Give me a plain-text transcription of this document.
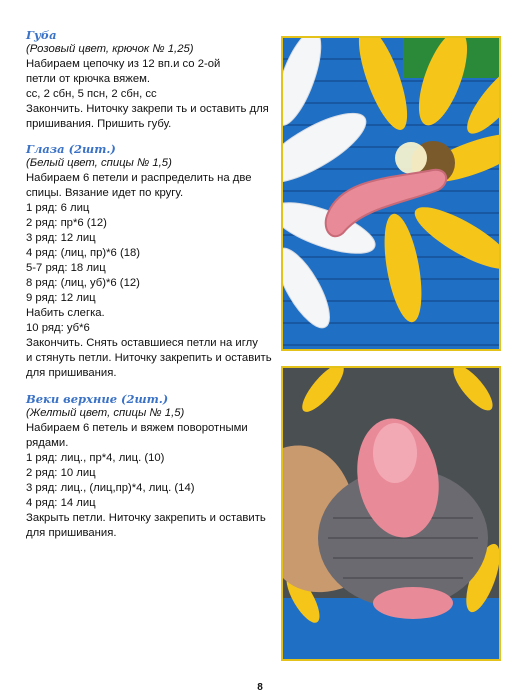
Губа

(Розовый цвет, крючок № 1,25)

Набираем цепочку из 12 вп.и со 2-ой

петли от крючка вяжем.

сс, 2 сбн, 5 псн, 2 сбн, сс

Закончить. Ниточку закрепи ть и оставить для

пришивания. Пришить губу.

Глаза (2шт.)

(Белый цвет, спицы № 1,5)

Набираем 6 петели и распределить на две

спицы. Вязание идет по кругу.

1 ряд: 6 лиц

2 ряд: пр*6 (12)

3 ряд: 12 лиц

4 ряд: (лиц, пр)*6 (18)

5-7 ряд: 18 лиц

8 ряд: (лиц, уб)*6 (12)

9 ряд: 12 лиц

Набить слегка.

10 ряд: уб*6

Закончить. Снять оставшиеся петли на иглу

и стянуть петли. Ниточку закрепить и оставить

для пришивания.

Веки верхние (2шт.)

(Желтый цвет, спицы № 1,5)

Набираем 6 петель и вяжем поворотными

рядами.

1 ряд: лиц., пр*4, лиц. (10)

2 ряд: 10 лиц

3 ряд: лиц., (лиц,пр)*4, лиц. (14)

4 ряд: 14 лиц

Закрыть петли. Ниточку закрепить и оставить

для пришивания.

8
